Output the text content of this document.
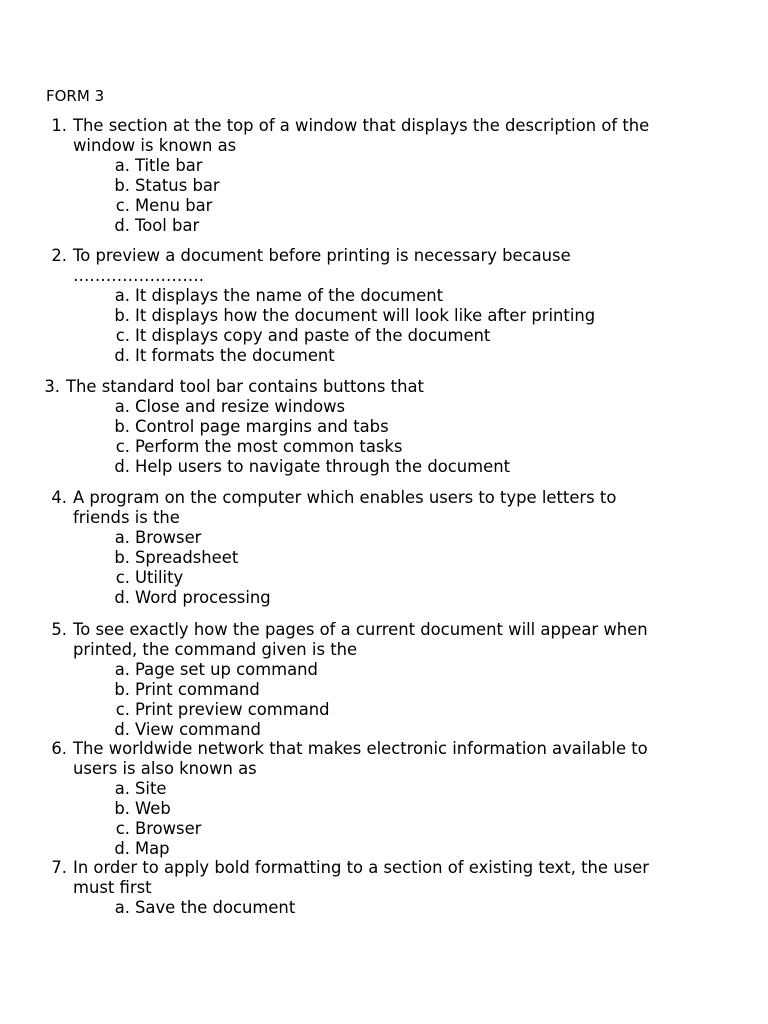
FORM 3
1. The section at the top of a window that displays the description of the
window is known as
a. Title bar
b. Status bar
c. Menu bar
d. Tool bar
2. To preview a document before printing is necessary because
……………………
a. It displays the name of the document
b. It displays how the document will look like after printing
c. It displays copy and paste of the document
d. It formats the document
3. The standard tool bar contains buttons that
a. Close and resize windows
b. Control page margins and tabs
c. Perform the most common tasks
d. Help users to navigate through the document
4. A program on the computer which enables users to type letters to
friends is the
a. Browser
b. Spreadsheet
c. Utility
d. Word processing
5. To see exactly how the pages of a current document will appear when
printed, the command given is the
a. Page set up command
b. Print command
c. Print preview command
d. View command
6. The worldwide network that makes electronic information available to
users is also known as
a. Site
b. Web
c. Browser
d. Map
7. In order to apply bold formatting to a section of existing text, the user
must first
a. Save the document
